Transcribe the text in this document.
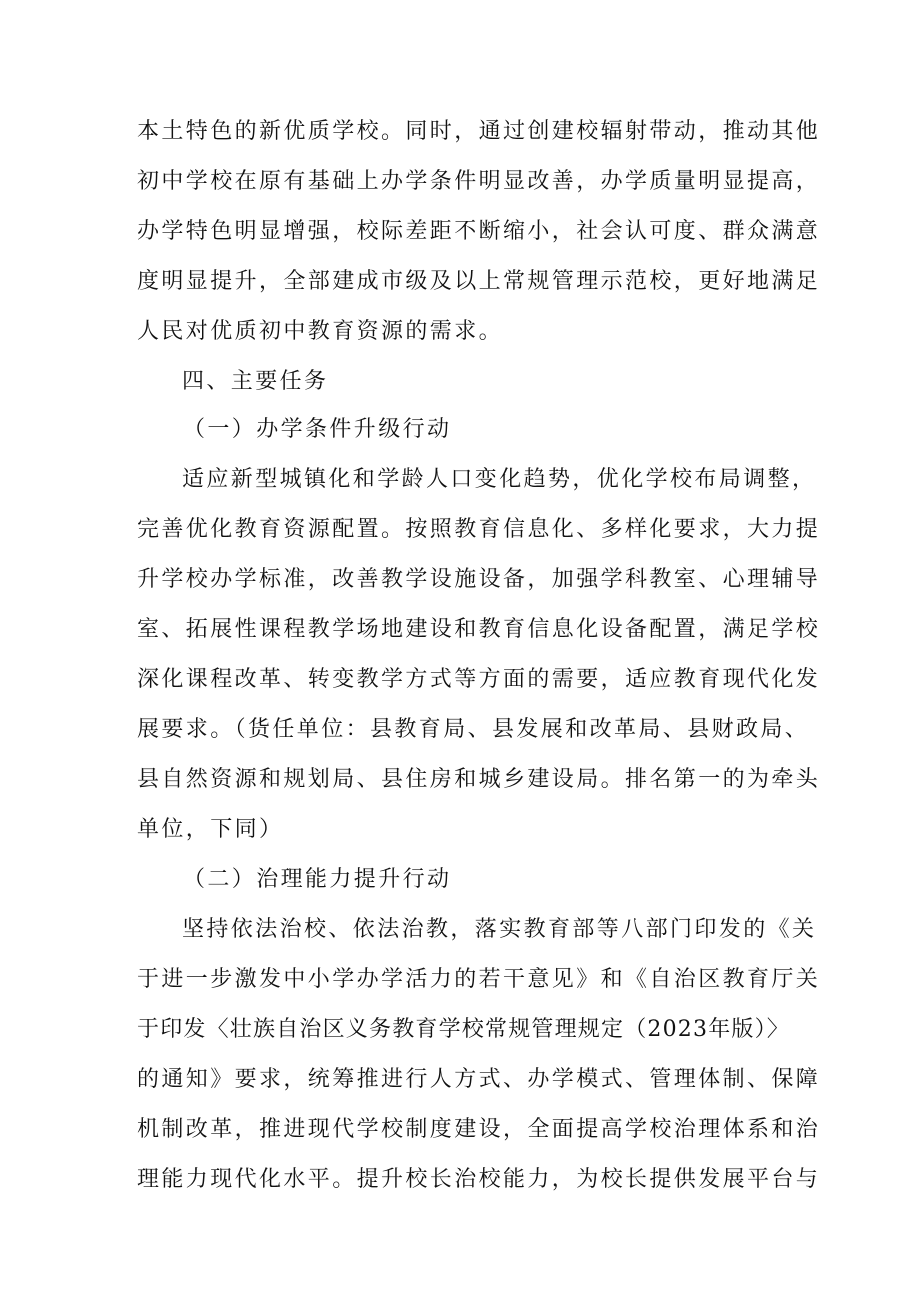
本土特色的新优质学校。同时，通过创建校辐射带动，推动其他
初中学校在原有基础上办学条件明显改善，办学质量明显提高，
办学特色明显增强，校际差距不断缩小，社会认可度、群众满意
度明显提升，全部建成市级及以上常规管理示范校，更好地满足
人民对优质初中教育资源的需求。
四、主要任务
（一）办学条件升级行动
适应新型城镇化和学龄人口变化趋势，优化学校布局调整，
完善优化教育资源配置。按照教育信息化、多样化要求，大力提
升学校办学标准，改善教学设施设备，加强学科教室、心理辅导
室、拓展性课程教学场地建设和教育信息化设备配置，满足学校
深化课程改革、转变教学方式等方面的需要，适应教育现代化发
展要求。（货任单位：县教育局、县发展和改革局、县财政局、
县自然资源和规划局、县住房和城乡建设局。排名第一的为牵头
单位，下同）
（二）治理能力提升行动
坚持依法治校、依法治教，落实教育部等八部门印发的《关
于进一步激发中小学办学活力的若干意见》和《自治区教育厅关
于印发〈壮族自治区义务教育学校常规管理规定（2023年版）〉
的通知》要求，统筹推进行人方式、办学模式、管理体制、保障
机制改革，推进现代学校制度建设，全面提高学校治理体系和治
理能力现代化水平。提升校长治校能力，为校长提供发展平台与
